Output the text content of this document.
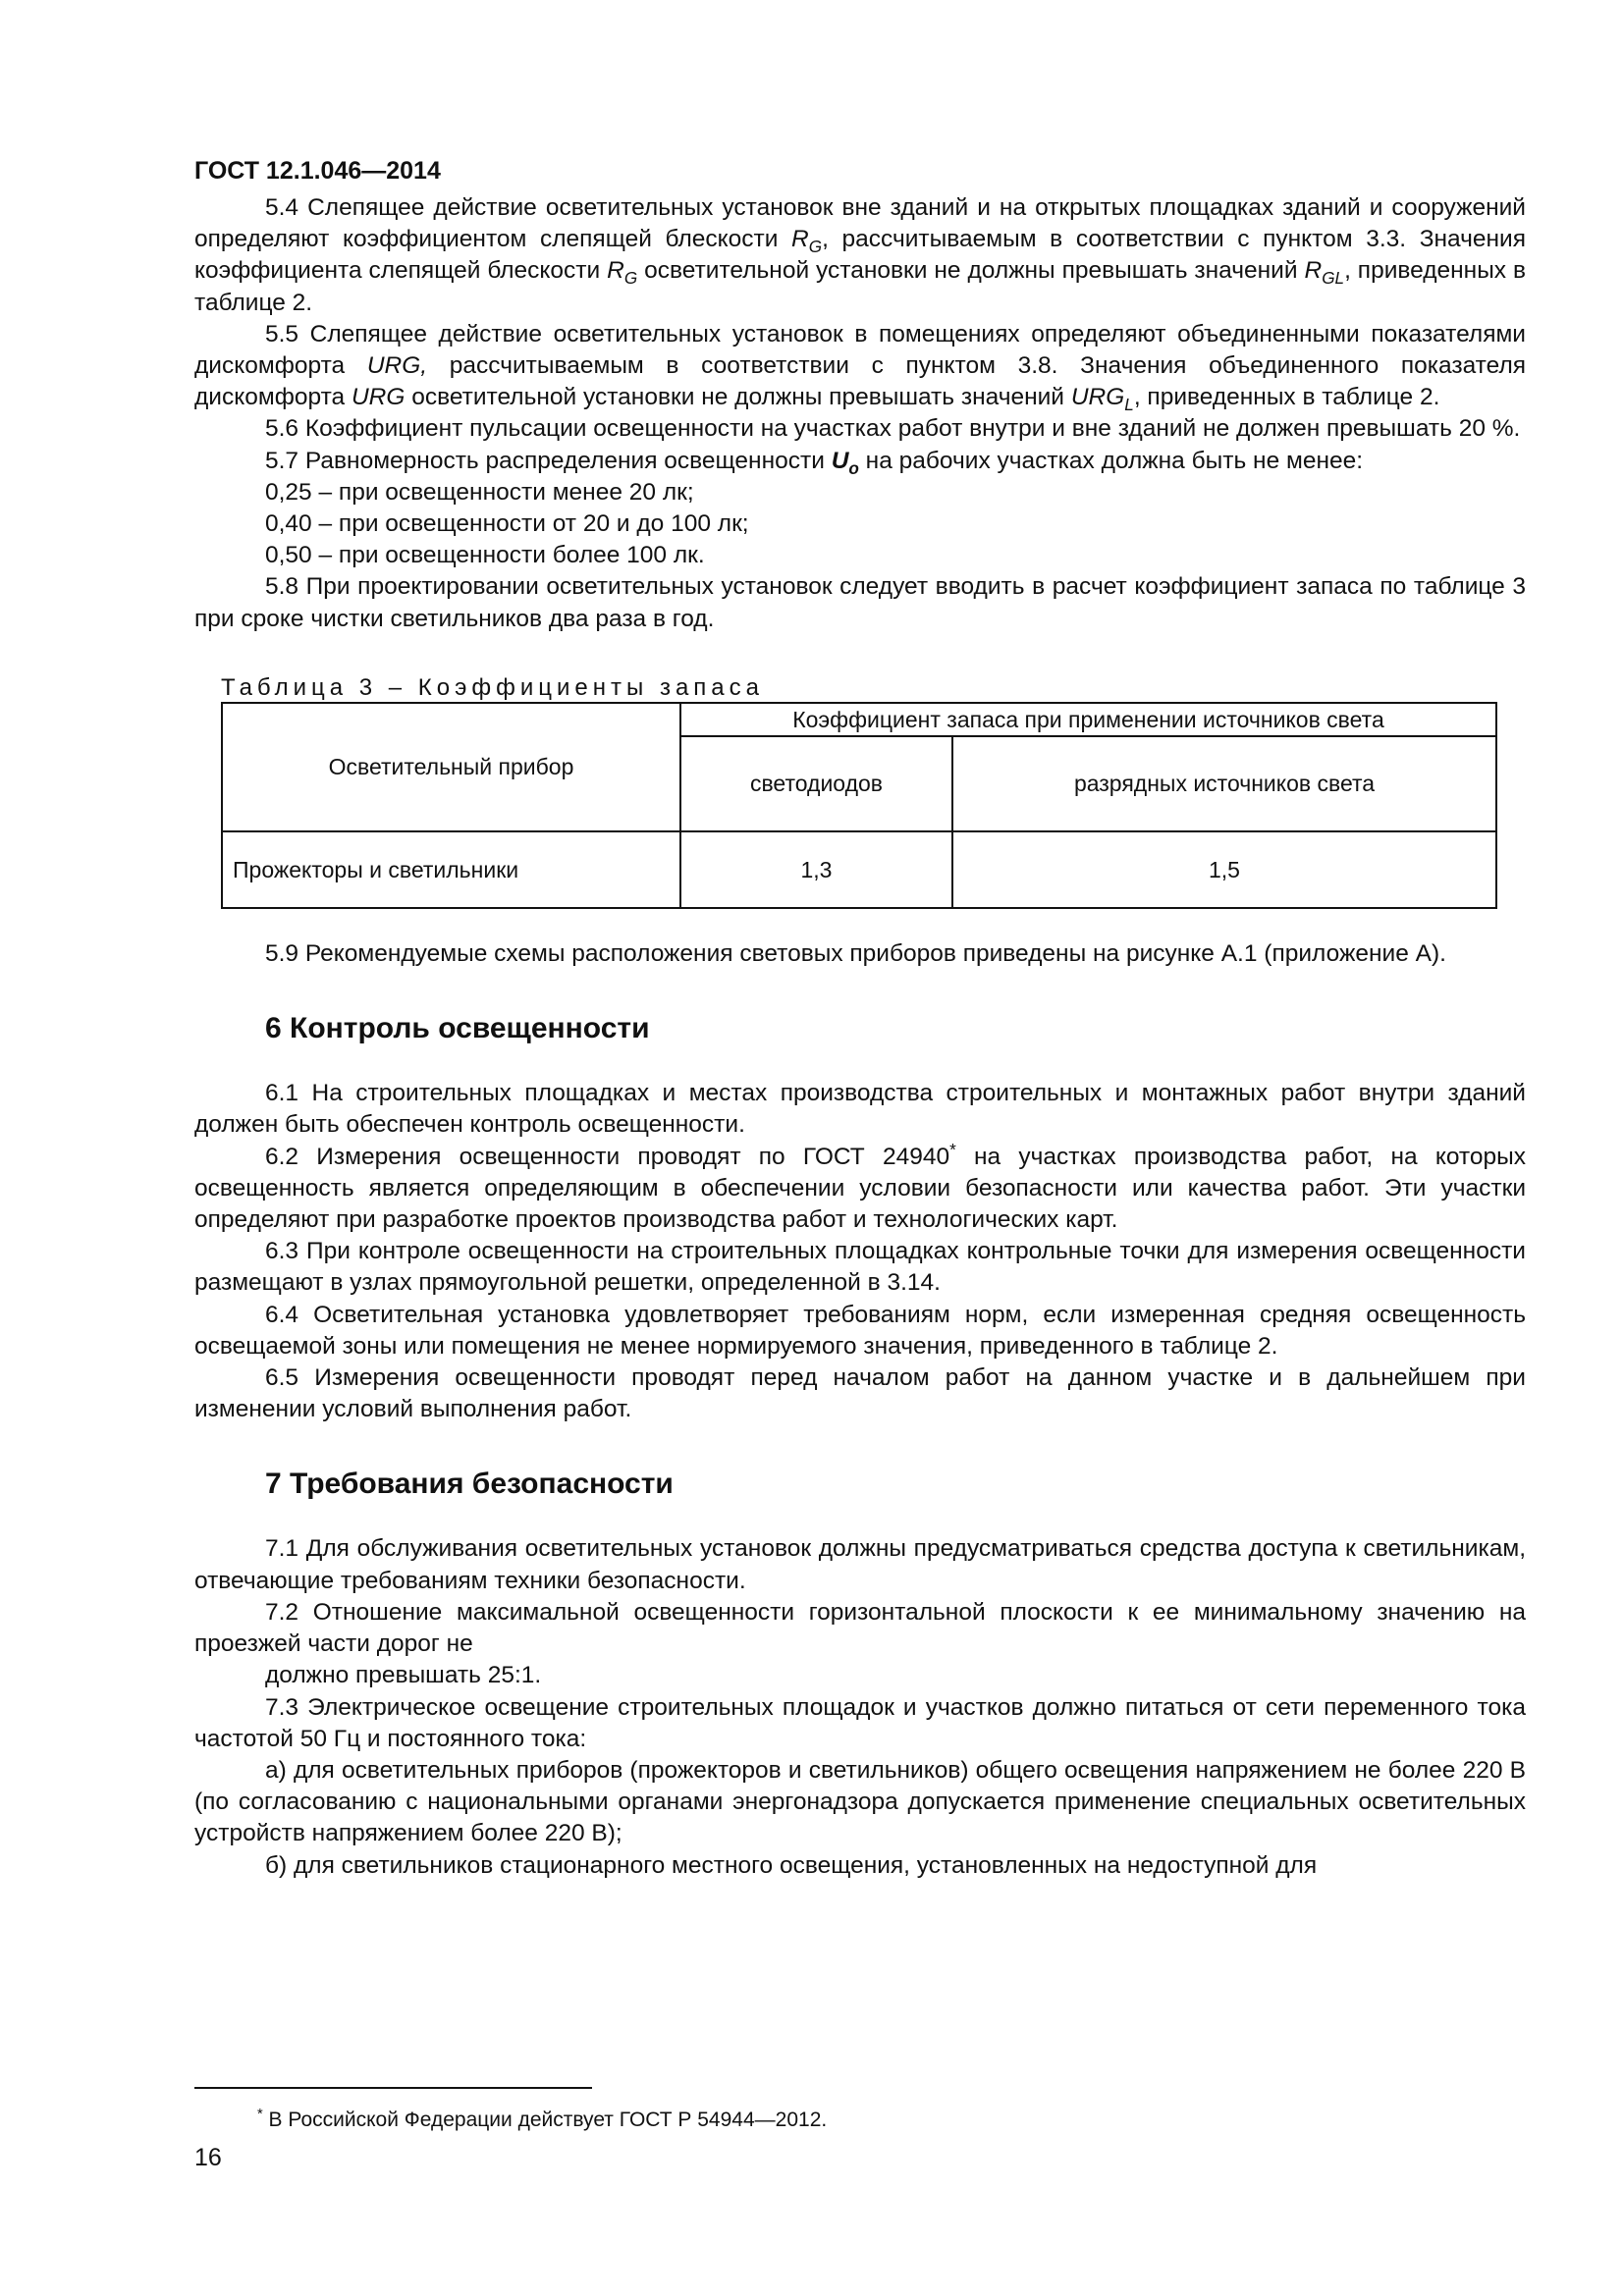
ГОСТ 12.1.046—2014

5.4 Слепящее действие осветительных установок вне зданий и на открытых площадках зданий и сооружений определяют коэффициентом слепящей блескости $R_G$, рассчитываемым в соответствии с пунктом 3.3. Значения коэффициента слепящей блескости $R_G$ осветительной установки не должны превышать значений $R_{GL}$, приведенных в таблице 2.

5.5 Слепящее действие осветительных установок в помещениях определяют объединенными показателями дискомфорта URG, рассчитываемым в соответствии с пунктом 3.8. Значения объединенного показателя дискомфорта URG осветительной установки не должны превышать значений $URG_L$, приведенных в таблице 2.

5.6 Коэффициент пульсации освещенности на участках работ внутри и вне зданий не должен превышать 20 %.

5.7 Равномерность распределения освещенности $U_o$ на рабочих участках должна быть не менее:

0,25 – при освещенности менее 20 лк;

0,40 – при освещенности от 20 и до 100 лк;

0,50 – при освещенности более 100 лк.

5.8 При проектировании осветительных установок следует вводить в расчет коэффициент запаса по таблице 3 при сроке чистки светильников два раза в год.

Таблица 3 – Коэффициенты запаса
Осветительный прибор	Коэффициент запаса при применении источников света	
	светодиодов	разрядных источников света
Прожекторы и светильники	1,3	1,5

5.9 Рекомендуемые схемы расположения световых приборов приведены на рисунке А.1 (приложение А).

6 Контроль освещенности

6.1 На строительных площадках и местах производства строительных и монтажных работ внутри зданий должен быть обеспечен контроль освещенности.

6.2 Измерения освещенности проводят по ГОСТ 24940* на участках производства работ, на которых освещенность является определяющим в обеспечении условии безопасности или качества работ. Эти участки определяют при разработке проектов производства работ и технологических карт.

6.3 При контроле освещенности на строительных площадках контрольные точки для измерения освещенности размещают в узлах прямоугольной решетки, определенной в 3.14.

6.4 Осветительная установка удовлетворяет требованиям норм, если измеренная средняя освещенность освещаемой зоны или помещения не менее нормируемого значения, приведенного в таблице 2.

6.5 Измерения освещенности проводят перед началом работ на данном участке и в дальнейшем при изменении условий выполнения работ.

7 Требования безопасности

7.1 Для обслуживания осветительных установок должны предусматриваться средства доступа к светильникам, отвечающие требованиям техники безопасности.

7.2 Отношение максимальной освещенности горизонтальной плоскости к ее минимальному значению на проезжей части дорог не

должно превышать 25:1.

7.3 Электрическое освещение строительных площадок и участков должно питаться от сети переменного тока частотой 50 Гц и постоянного тока:

а) для осветительных приборов (прожекторов и светильников) общего освещения напряжением не более 220 В (по согласованию с национальными органами энергонадзора допускается применение специальных осветительных устройств напряжением более 220 В);

б) для светильников стационарного местного освещения, установленных на недоступной для

* В Российской Федерации действует ГОСТ Р 54944—2012.
16
